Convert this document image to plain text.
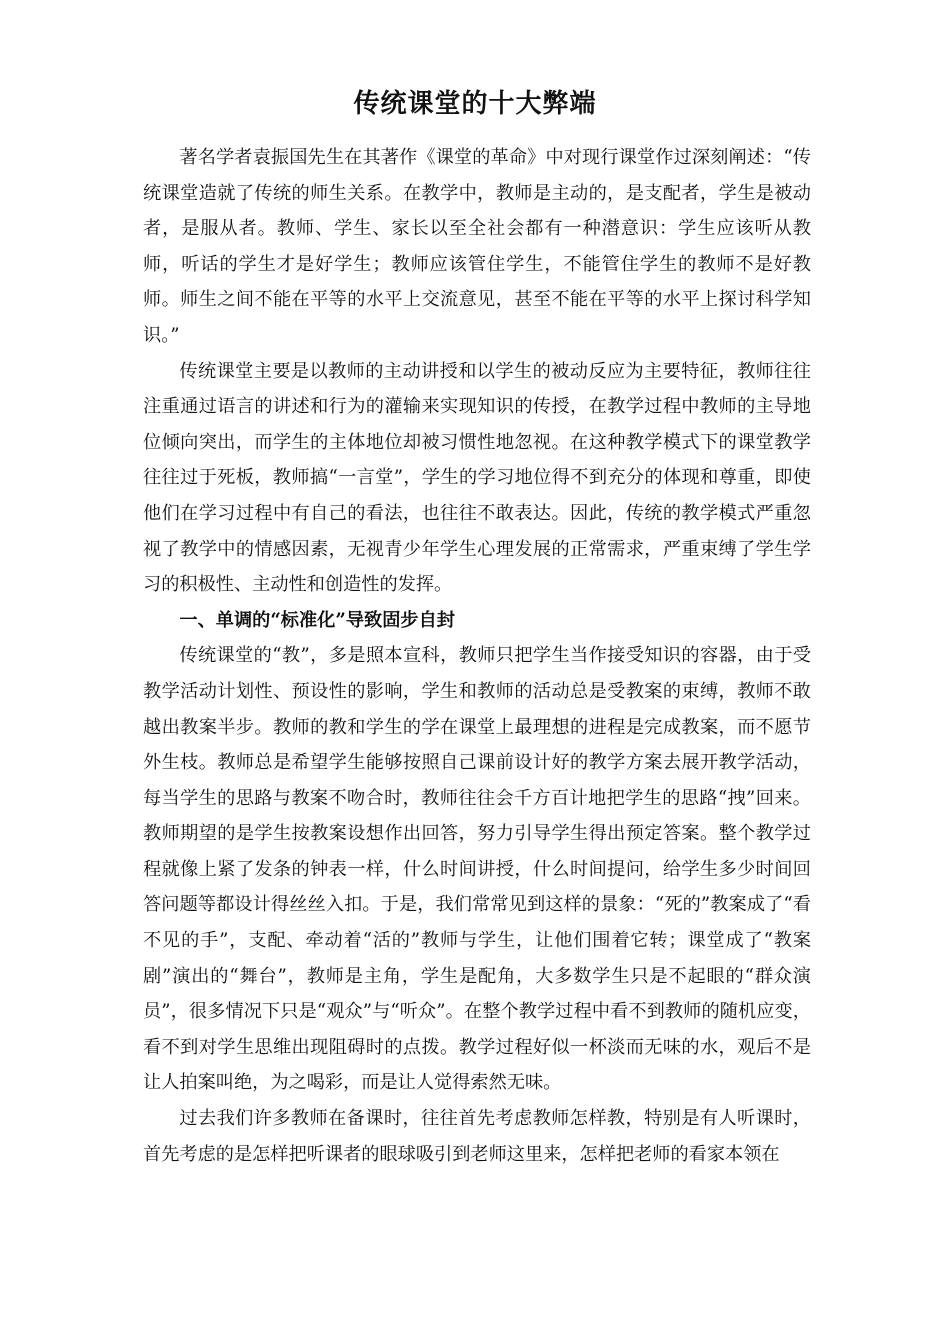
传统课堂的十大弊端

著名学者袁振国先生在其著作《课堂的革命》中对现行课堂作过深刻阐述：“传统课堂造就了传统的师生关系。在教学中，教师是主动的，是支配者，学生是被动者，是服从者。教师、学生、家长以至全社会都有一种潜意识：学生应该听从教师，听话的学生才是好学生；教师应该管住学生，不能管住学生的教师不是好教师。师生之间不能在平等的水平上交流意见，甚至不能在平等的水平上探讨科学知识。”

传统课堂主要是以教师的主动讲授和以学生的被动反应为主要特征，教师往往注重通过语言的讲述和行为的灌输来实现知识的传授，在教学过程中教师的主导地位倾向突出，而学生的主体地位却被习惯性地忽视。在这种教学模式下的课堂教学往往过于死板，教师搞“一言堂”，学生的学习地位得不到充分的体现和尊重，即使他们在学习过程中有自己的看法，也往往不敢表达。因此，传统的教学模式严重忽视了教学中的情感因素，无视青少年学生心理发展的正常需求，严重束缚了学生学习的积极性、主动性和创造性的发挥。

一、单调的“标准化”导致固步自封

传统课堂的“教”，多是照本宣科，教师只把学生当作接受知识的容器，由于受教学活动计划性、预设性的影响，学生和教师的活动总是受教案的束缚，教师不敢越出教案半步。教师的教和学生的学在课堂上最理想的进程是完成教案，而不愿节外生枝。教师总是希望学生能够按照自己课前设计好的教学方案去展开教学活动，每当学生的思路与教案不吻合时，教师往往会千方百计地把学生的思路“拽”回来。教师期望的是学生按教案设想作出回答，努力引导学生得出预定答案。整个教学过程就像上紧了发条的钟表一样，什么时间讲授，什么时间提问，给学生多少时间回答问题等都设计得丝丝入扣。于是，我们常常见到这样的景象：“死的”教案成了“看不见的手”，支配、牵动着“活的”教师与学生，让他们围着它转；课堂成了“教案剧”演出的“舞台”，教师是主角，学生是配角，大多数学生只是不起眼的“群众演员”，很多情况下只是“观众”与“听众”。在整个教学过程中看不到教师的随机应变，看不到对学生思维出现阻碍时的点拨。教学过程好似一杯淡而无味的水，观后不是让人拍案叫绝，为之喝彩，而是让人觉得索然无味。

过去我们许多教师在备课时，往往首先考虑教师怎样教，特别是有人听课时，首先考虑的是怎样把听课者的眼球吸引到老师这里来，怎样把老师的看家本领在
